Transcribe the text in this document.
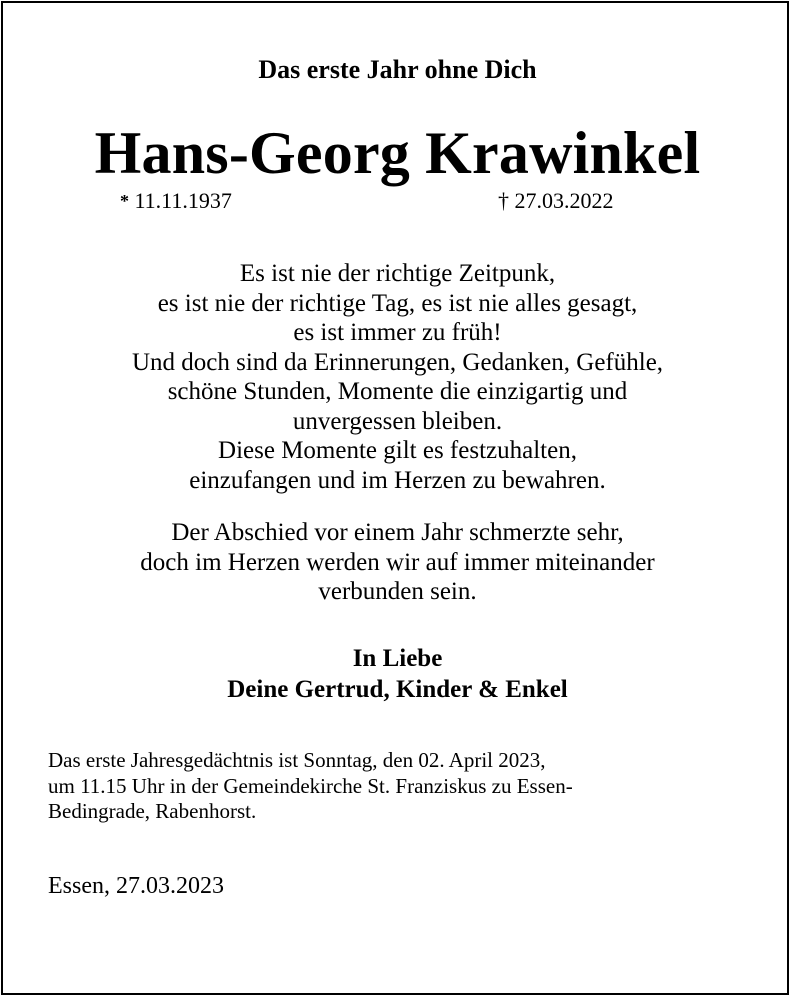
Das erste Jahr ohne Dich
Hans-Georg Krawinkel
* 11.11.1937	† 27.03.2022
Es ist nie der richtige Zeitpunk,
es ist nie der richtige Tag, es ist nie alles gesagt,
es ist immer zu früh!
Und doch sind da Erinnerungen, Gedanken, Gefühle,
schöne Stunden, Momente die einzigartig und
unvergessen bleiben.
Diese Momente gilt es festzuhalten,
einzufangen und im Herzen zu bewahren.
Der Abschied vor einem Jahr schmerzte sehr,
doch im Herzen werden wir auf immer miteinander
verbunden sein.
In Liebe
Deine Gertrud, Kinder & Enkel
Das erste Jahresgedächtnis ist Sonntag, den 02. April 2023,
um 11.15 Uhr in der Gemeindekirche St. Franziskus zu Essen-
Bedingrade, Rabenhorst.
Essen, 27.03.2023
